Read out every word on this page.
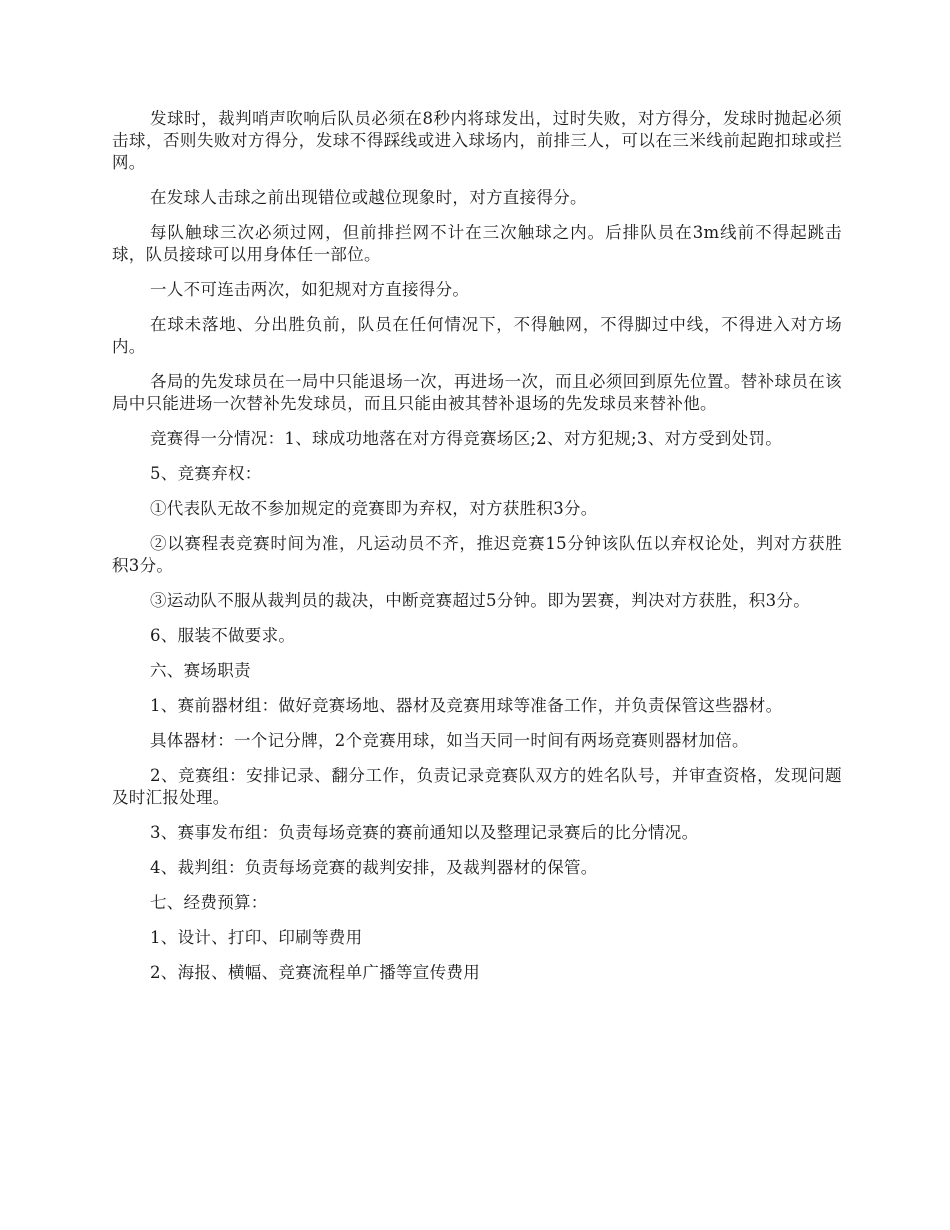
发球时，裁判哨声吹响后队员必须在8秒内将球发出，过时失败，对方得分，发球时抛起必须击球，否则失败对方得分，发球不得踩线或进入球场内，前排三人，可以在三米线前起跑扣球或拦网。

在发球人击球之前出现错位或越位现象时，对方直接得分。

每队触球三次必须过网，但前排拦网不计在三次触球之内。后排队员在3m线前不得起跳击球，队员接球可以用身体任一部位。

一人不可连击两次，如犯规对方直接得分。

在球未落地、分出胜负前，队员在任何情况下，不得触网，不得脚过中线，不得进入对方场内。

各局的先发球员在一局中只能退场一次，再进场一次，而且必须回到原先位置。替补球员在该局中只能进场一次替补先发球员，而且只能由被其替补退场的先发球员来替补他。

竞赛得一分情况：1、球成功地落在对方得竞赛场区;2、对方犯规;3、对方受到处罚。

5、竞赛弃权：

①代表队无故不参加规定的竞赛即为弃权，对方获胜积3分。

②以赛程表竞赛时间为准，凡运动员不齐，推迟竞赛15分钟该队伍以弃权论处，判对方获胜积3分。

③运动队不服从裁判员的裁决，中断竞赛超过5分钟。即为罢赛，判决对方获胜，积3分。

6、服装不做要求。

六、赛场职责

1、赛前器材组：做好竞赛场地、器材及竞赛用球等准备工作，并负责保管这些器材。

具体器材：一个记分牌，2个竞赛用球，如当天同一时间有两场竞赛则器材加倍。

2、竞赛组：安排记录、翻分工作，负责记录竞赛队双方的姓名队号，并审查资格，发现问题及时汇报处理。

3、赛事发布组：负责每场竞赛的赛前通知以及整理记录赛后的比分情况。

4、裁判组：负责每场竞赛的裁判安排，及裁判器材的保管。

七、经费预算：

1、设计、打印、印刷等费用

2、海报、横幅、竞赛流程单广播等宣传费用
